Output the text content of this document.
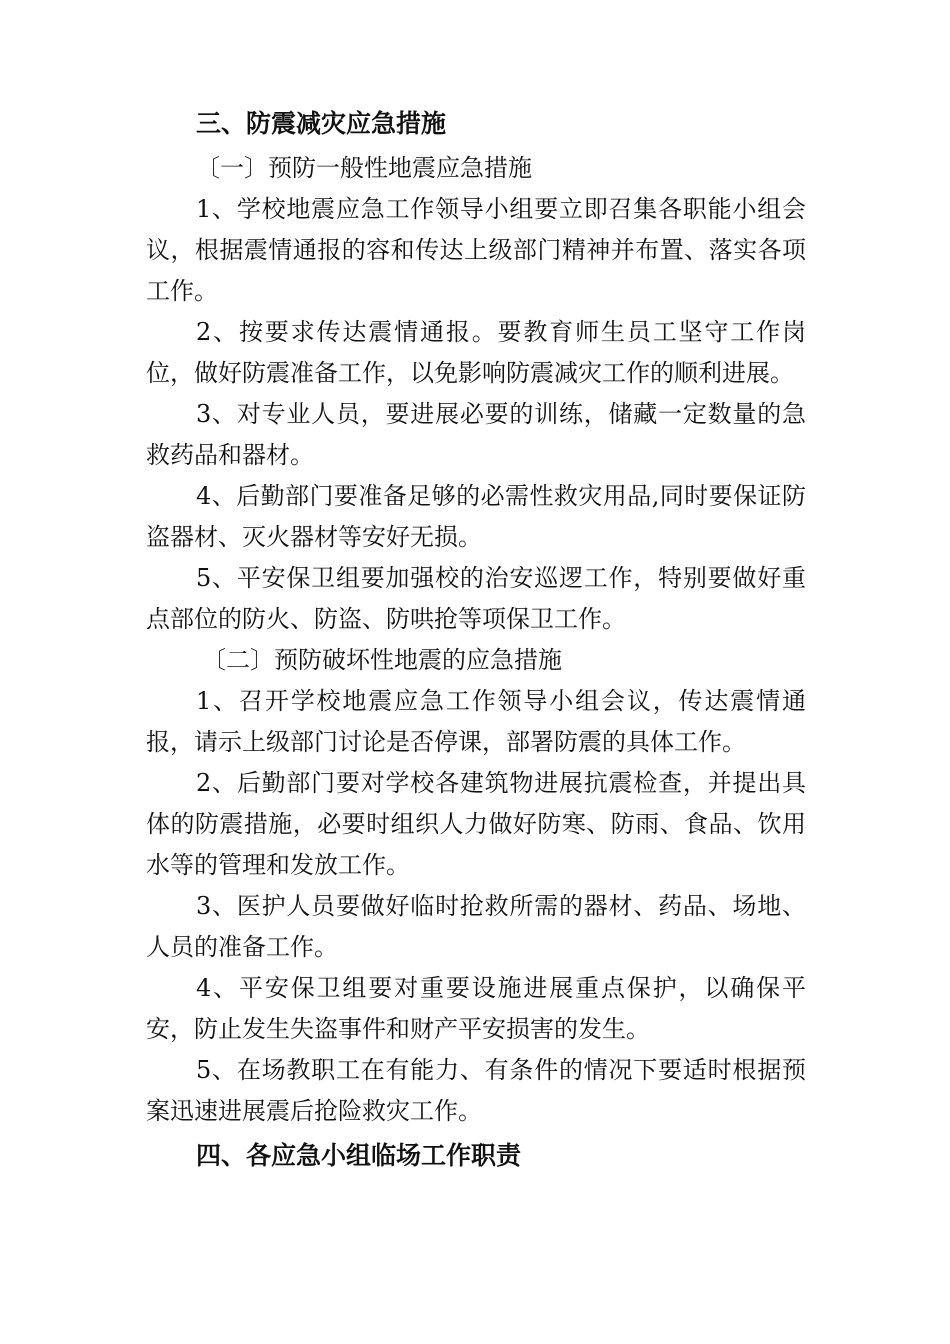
三、防震减灾应急措施

〔一〕预防一般性地震应急措施

1、学校地震应急工作领导小组要立即召集各职能小组会议，根据震情通报的容和传达上级部门精神并布置、落实各项工作。

2、按要求传达震情通报。要教育师生员工坚守工作岗位，做好防震准备工作，以免影响防震减灾工作的顺利进展。

3、对专业人员，要进展必要的训练，储藏一定数量的急救药品和器材。

4、后勤部门要准备足够的必需性救灾用品,同时要保证防盗器材、灭火器材等安好无损。

5、平安保卫组要加强校的治安巡逻工作，特别要做好重点部位的防火、防盗、防哄抢等项保卫工作。

〔二〕预防破坏性地震的应急措施

1、召开学校地震应急工作领导小组会议，传达震情通报，请示上级部门讨论是否停课，部署防震的具体工作。

2、后勤部门要对学校各建筑物进展抗震检查，并提出具体的防震措施，必要时组织人力做好防寒、防雨、食品、饮用水等的管理和发放工作。

3、医护人员要做好临时抢救所需的器材、药品、场地、人员的准备工作。

4、平安保卫组要对重要设施进展重点保护，以确保平安，防止发生失盗事件和财产平安损害的发生。

5、在场教职工在有能力、有条件的情况下要适时根据预案迅速进展震后抢险救灾工作。

四、各应急小组临场工作职责
